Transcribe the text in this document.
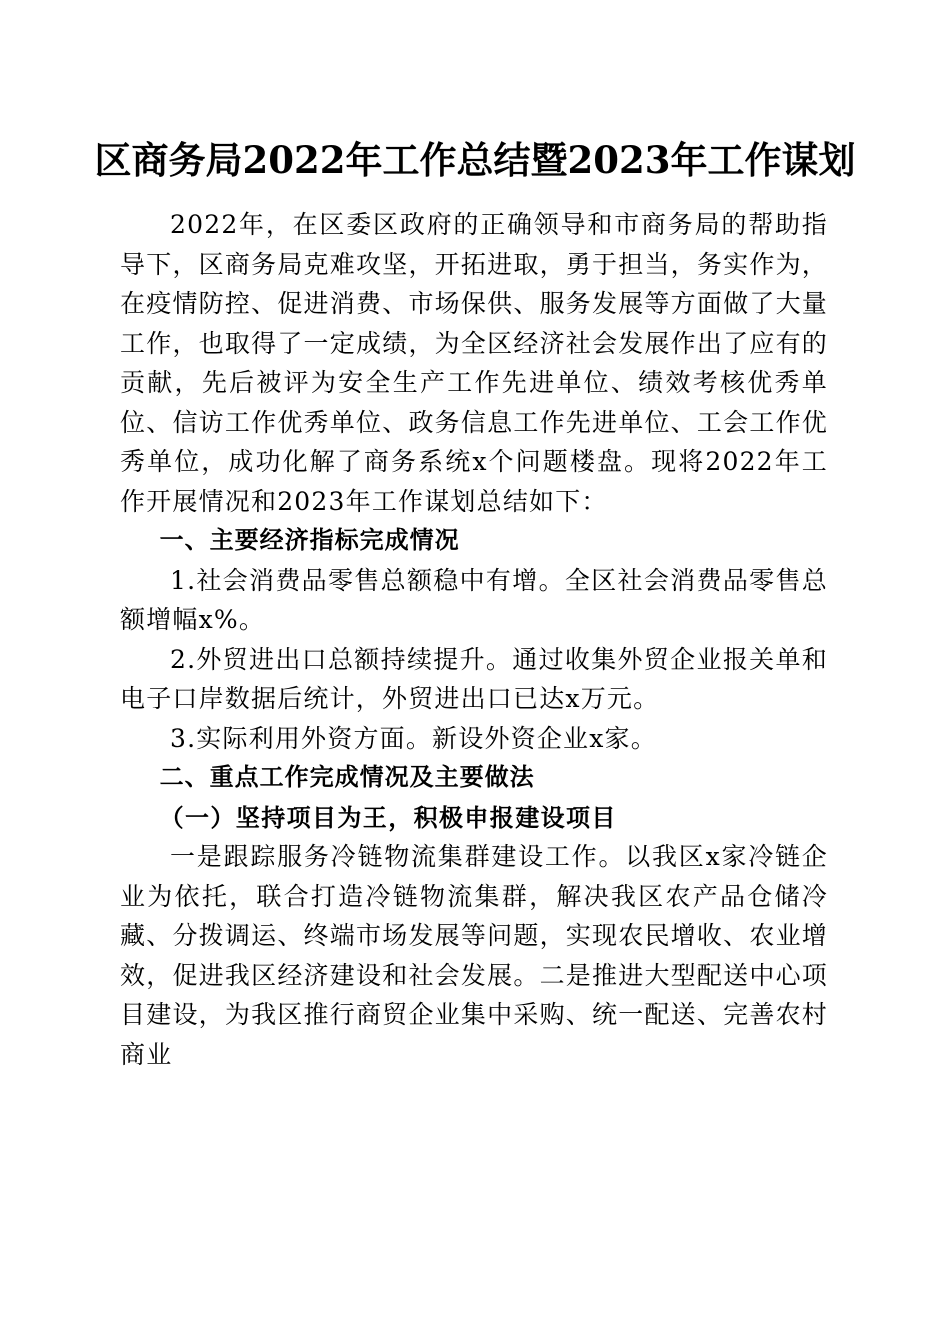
区商务局2022年工作总结暨2023年工作谋划

2022年，在区委区政府的正确领导和市商务局的帮助指导下，区商务局克难攻坚，开拓进取，勇于担当，务实作为，在疫情防控、促进消费、市场保供、服务发展等方面做了大量工作，也取得了一定成绩，为全区经济社会发展作出了应有的贡献，先后被评为安全生产工作先进单位、绩效考核优秀单位、信访工作优秀单位、政务信息工作先进单位、工会工作优秀单位，成功化解了商务系统x个问题楼盘。现将2022年工作开展情况和2023年工作谋划总结如下：

一、主要经济指标完成情况

1.社会消费品零售总额稳中有增。全区社会消费品零售总额增幅x%。

2.外贸进出口总额持续提升。通过收集外贸企业报关单和电子口岸数据后统计，外贸进出口已达x万元。

3.实际利用外资方面。新设外资企业x家。

二、重点工作完成情况及主要做法

（一）坚持项目为王，积极申报建设项目

一是跟踪服务冷链物流集群建设工作。以我区x家冷链企业为依托，联合打造冷链物流集群，解决我区农产品仓储冷藏、分拨调运、终端市场发展等问题，实现农民增收、农业增效，促进我区经济建设和社会发展。二是推进大型配送中心项目建设，为我区推行商贸企业集中采购、统一配送、完善农村商业
